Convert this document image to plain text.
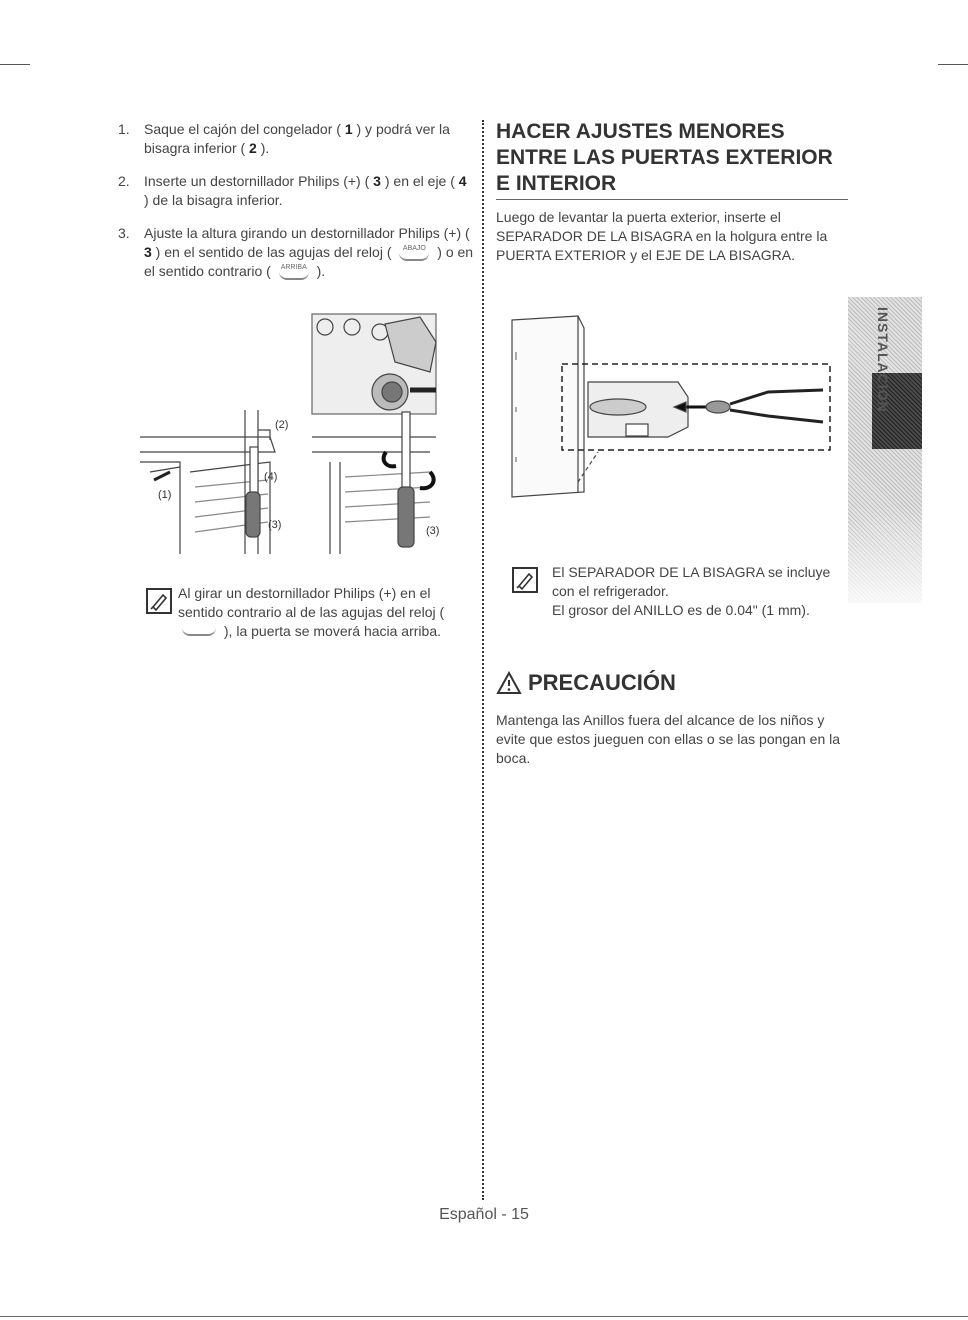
1.	Saque el cajón del congelador ( 1 ) y podrá ver la bisagra inferior ( 2 ).
2.	Inserte un destornillador Philips (+) ( 3 ) en el eje ( 4 ) de la bisagra inferior.
3.	Ajuste la altura girando un destornillador Philips (+) ( 3 ) en el sentido de las agujas del reloj ( ABAJO
) o en el sentido contrario ( ARRIBA
).
(2)
(4)
(1)
(3)	(3)
Al girar un destornillador Philips (+) en el sentido contrario al de las agujas del reloj (
), la puerta se moverá hacia arriba.
HACER AJUSTES MENORES ENTRE LAS PUERTAS EXTERIOR E INTERIOR

Luego de levantar la puerta exterior, inserte el SEPARADOR DE LA BISAGRA en la holgura entre la PUERTA EXTERIOR y el EJE DE LA BISAGRA.

El SEPARADOR DE LA BISAGRA se incluye con el refrigerador.

El grosor del ANILLO es de 0.04" (1 mm).

PRECAUCIÓN

Mantenga las Anillos fuera del alcance de los niños y evite que estos jueguen con ellas o se las pongan en la boca.

INSTALACIÓN
Español - 15
